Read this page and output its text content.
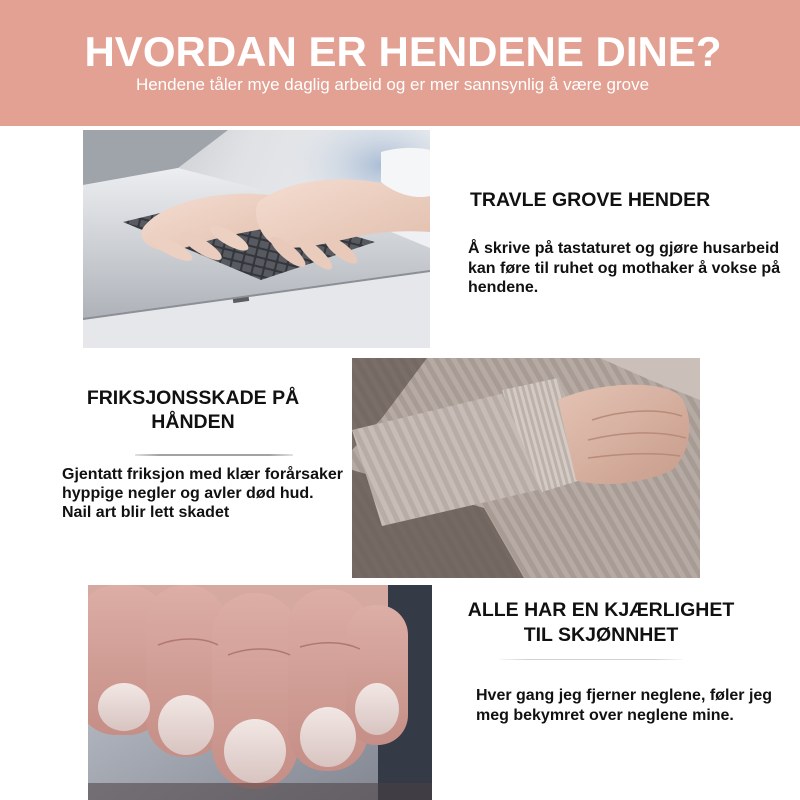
HVORDAN ER HENDENE DINE?
Hendene tåler mye daglig arbeid og er mer sannsynlig å være grove
TRAVLE GROVE HENDER
Å skrive på tastaturet og gjøre husarbeid
kan føre til ruhet og mothaker å vokse på
hendene.
FRIKSJONSSKADE PÅ
HÅNDEN
Gjentatt friksjon med klær forårsaker
hyppige negler og avler død hud.
Nail art blir lett skadet
ALLE HAR EN KJÆRLIGHET
TIL SKJØNNHET
Hver gang jeg fjerner neglene, føler jeg
meg bekymret over neglene mine.
